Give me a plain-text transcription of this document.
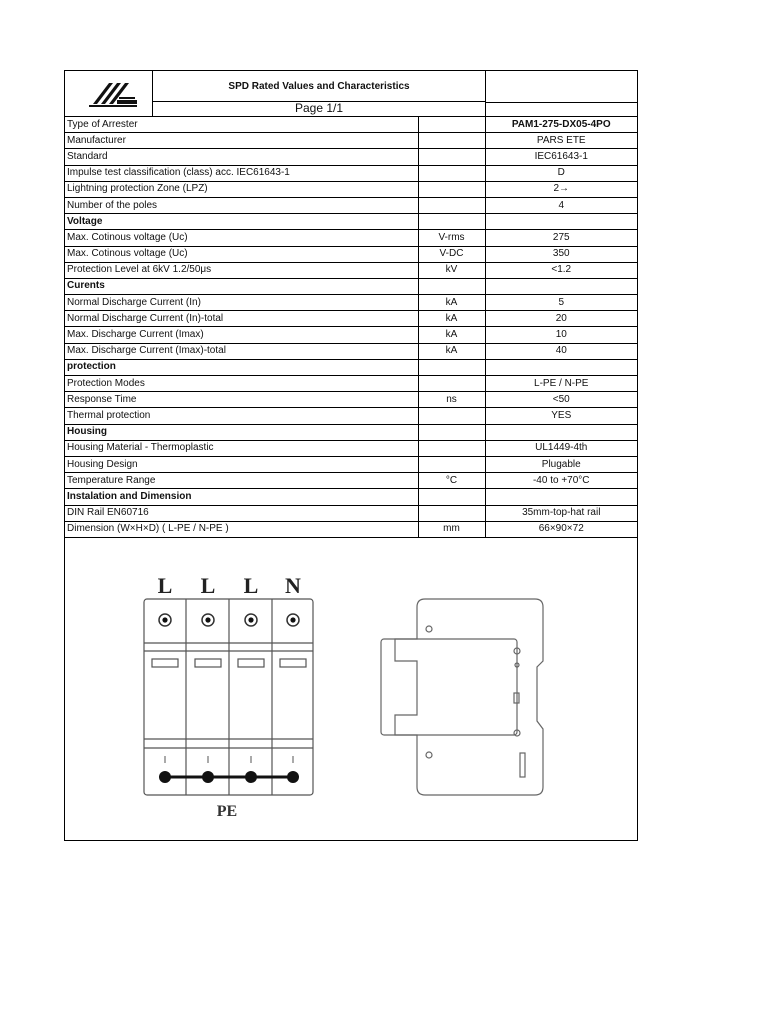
SPD Rated Values and Characteristics
Page 1/1
Type of Arrester		PAM1-275-DX05-4PO
Manufacturer		PARS ETE
Standard		IEC61643-1
Impulse test classification (class) acc. IEC61643-1		D
Lightning protection Zone (LPZ)		2→
Number of the poles		4
Voltage		
Max. Cotinous voltage (Uc)	V-rms	275
Max. Cotinous voltage (Uc)	V-DC	350
Protection Level at 6kV 1.2/50μs	kV	<1.2
Curents		
Normal Discharge Current (In)	kA	5
Normal Discharge Current (In)-total	kA	20
Max. Discharge Current (Imax)	kA	10
Max. Discharge Current (Imax)-total	kA	40
protection		
Protection Modes		L-PE / N-PE
Response Time	ns	<50
Thermal protection		YES
Housing		
Housing Material - Thermoplastic		UL1449-4th
Housing Design		Plugable
Temperature Range	°C	-40 to +70°C
Instalation and Dimension		
DIN Rail EN60716		35mm-top-hat rail
Dimension (W×H×D) ( L-PE / N-PE )	mm	66×90×72
L L L N
PE
